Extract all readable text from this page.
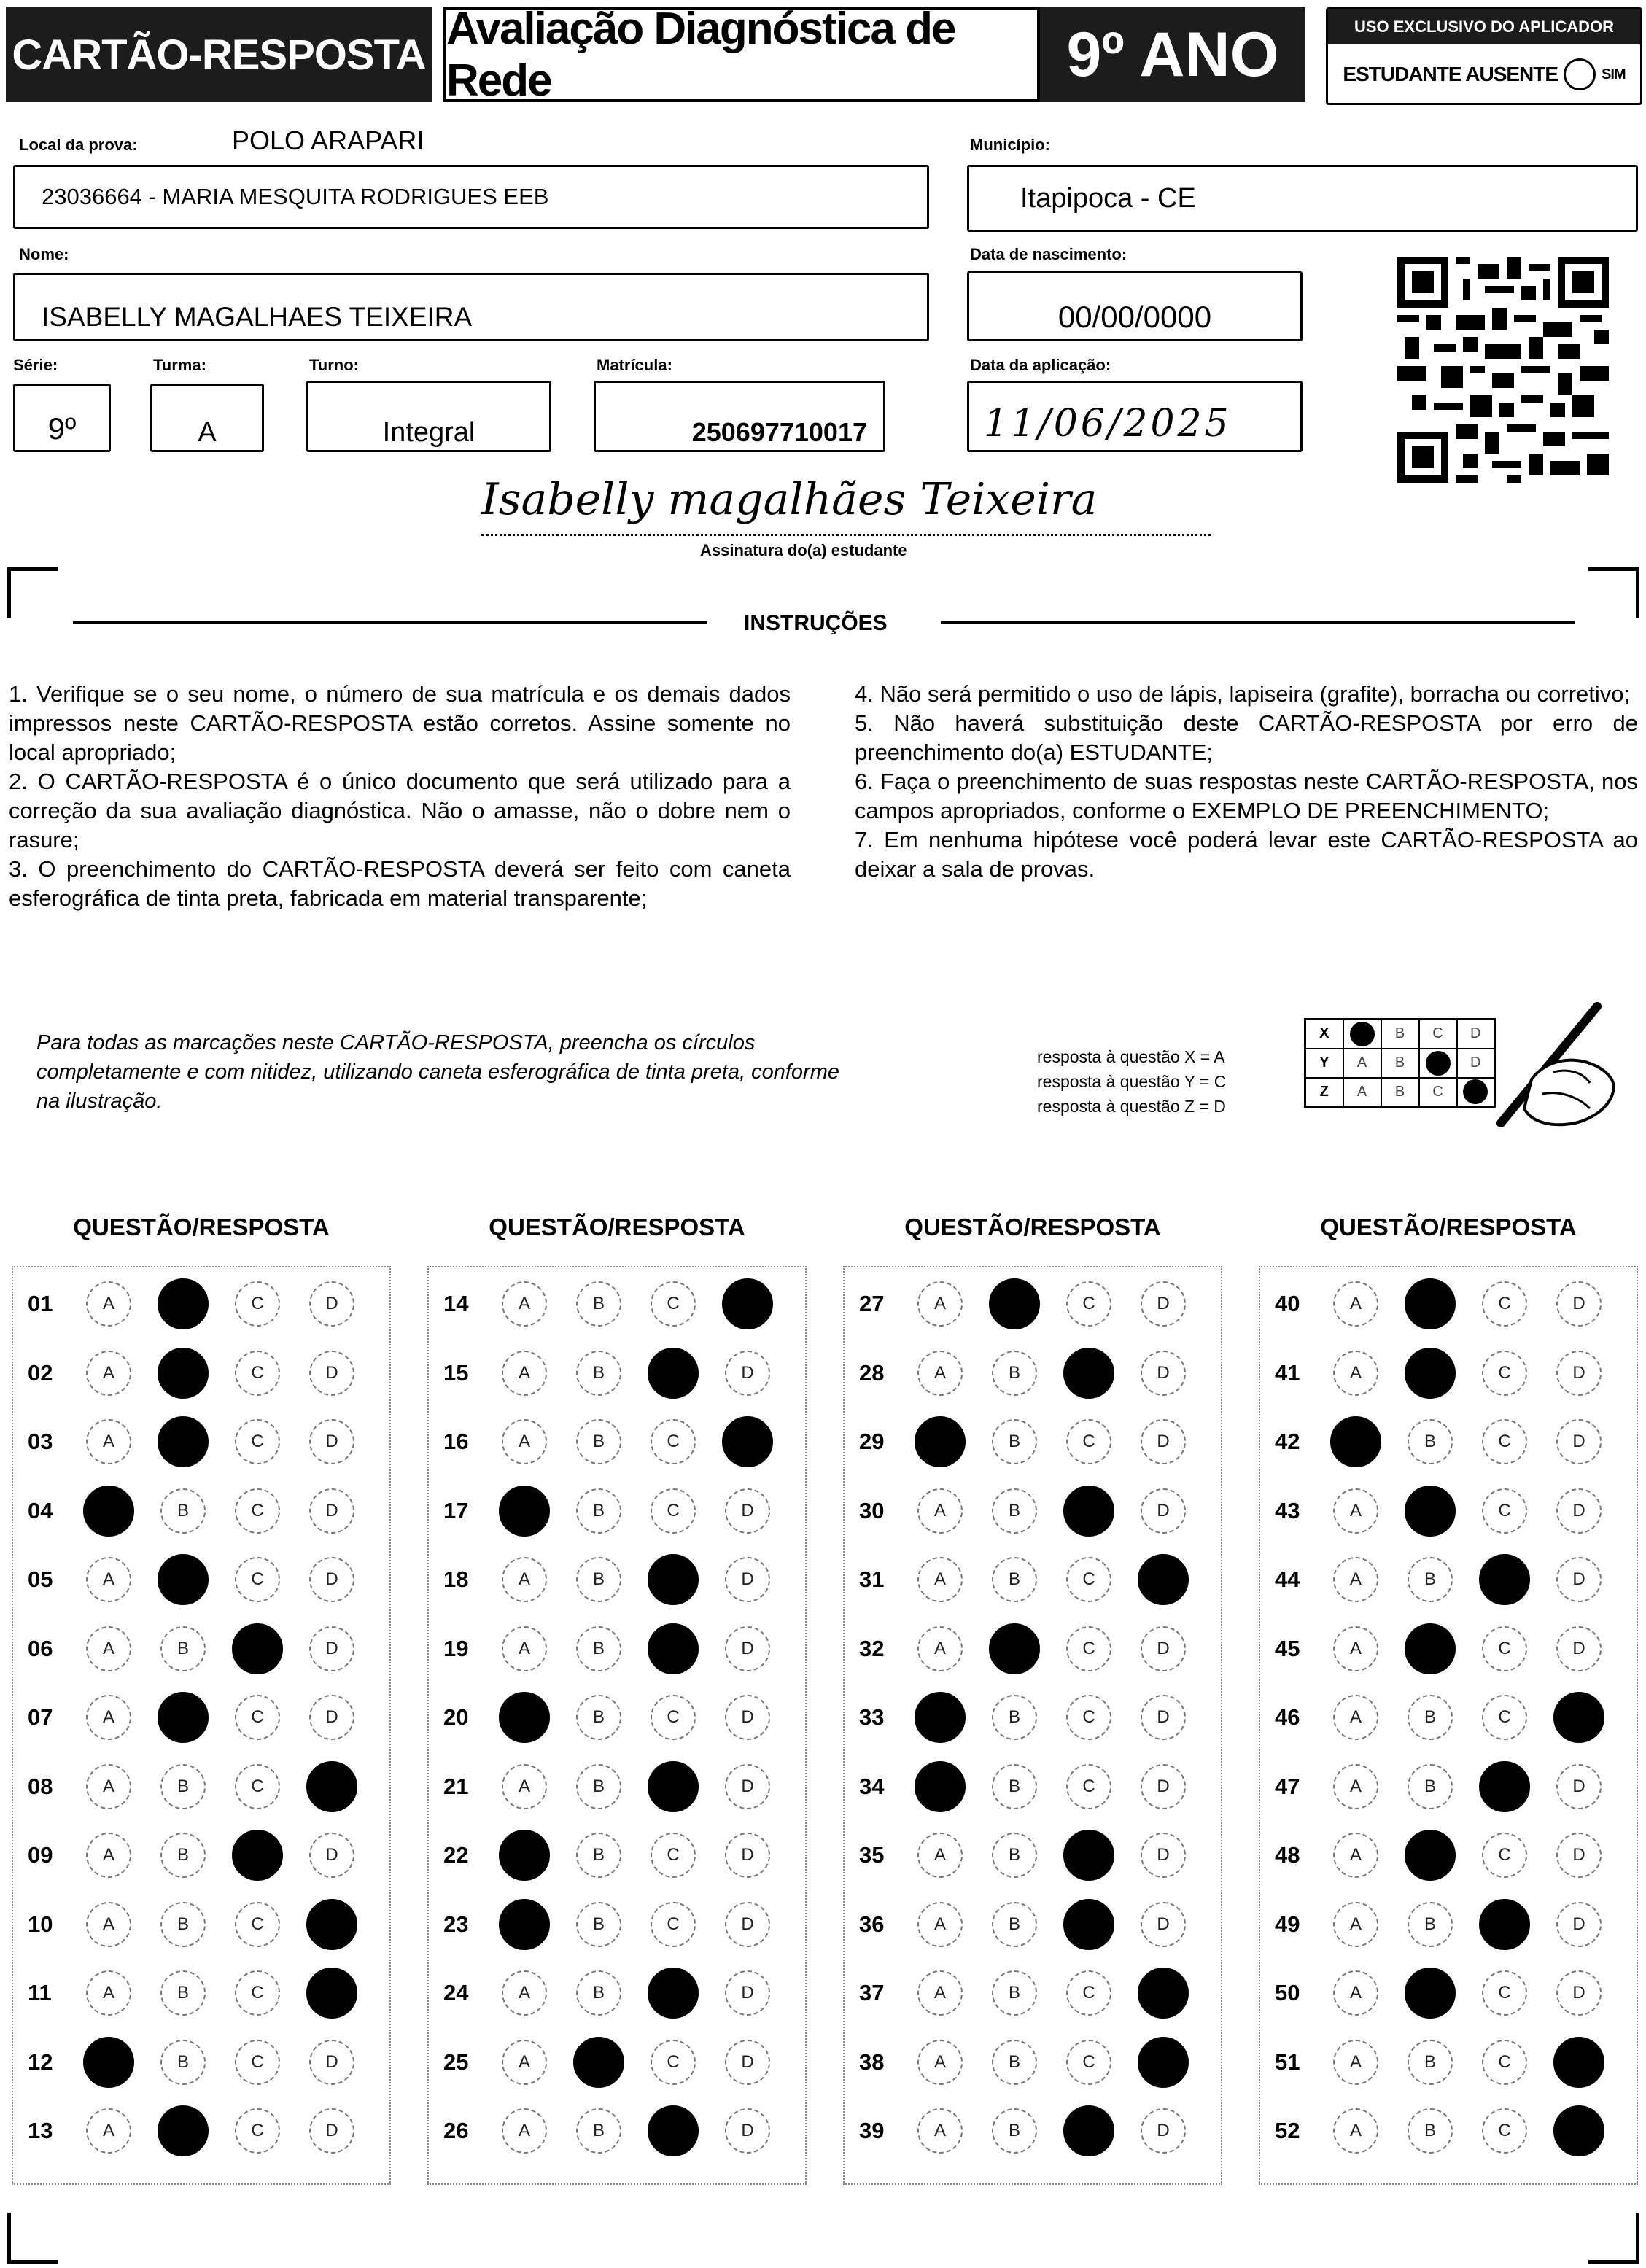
CARTÃO-RESPOSTA
Avaliação Diagnóstica de Rede	9º ANO	USO EXCLUSIVO DO APLICADOR
ESTUDANTE AUSENTE	SIM
Local da prova:	POLO ARAPARI
23036664 - MARIA MESQUITA RODRIGUES EEB
Município:
Itapipoca - CE
Nome:
ISABELLY MAGALHAES TEIXEIRA
Data de nascimento:
00/00/0000
Série:
9º
Turma:
A
Turno:
Integral
Matrícula:
250697710017
Data da aplicação:
11/06/2025
Isabelly magalhães Teixeira
Assinatura do(a) estudante
INSTRUÇÕES

1. Verifique se o seu nome, o número de sua matrícula e os demais dados impressos neste CARTÃO-RESPOSTA estão corretos. Assine somente no local apropriado;

2. O CARTÃO-RESPOSTA é o único documento que será utilizado para a correção da sua avaliação diagnóstica. Não o amasse, não o dobre nem o rasure;

3. O preenchimento do CARTÃO-RESPOSTA deverá ser feito com caneta esferográfica de tinta preta, fabricada em material transparente;

4. Não será permitido o uso de lápis, lapiseira (grafite), borracha ou corretivo;

5. Não haverá substituição deste CARTÃO-RESPOSTA por erro de preenchimento do(a) ESTUDANTE;

6. Faça o preenchimento de suas respostas neste CARTÃO-RESPOSTA, nos campos apropriados, conforme o EXEMPLO DE PREENCHIMENTO;

7. Em nenhuma hipótese você poderá levar este CARTÃO-RESPOSTA ao deixar a sala de provas.

Para todas as marcações neste CARTÃO-RESPOSTA, preencha os círculos completamente e com nitidez, utilizando caneta esferográfica de tinta preta, conforme na ilustração.
resposta à questão X = A
resposta à questão Y = C
resposta à questão Z = D
X		B	C	D
Y	A	B		D
Z	A	B	C	
QUESTÃO/RESPOSTA
01	A	C	D
02	A	C	D
03	A	C	D
04	B	C	D
05	A	C	D
06	A	B	D
07	A	C	D
08	A	B	C
09	A	B	D
10	A	B	C
11	A	B	C
12	B	C	D
13	A	C	D
QUESTÃO/RESPOSTA
14	A	B	C
15	A	B	D
16	A	B	C
17	B	C	D
18	A	B	D
19	A	B	D
20	B	C	D
21	A	B	D
22	B	C	D
23	B	C	D
24	A	B	D
25	A	C	D
26	A	B	D
QUESTÃO/RESPOSTA
27	A	C	D
28	A	B	D
29	B	C	D
30	A	B	D
31	A	B	C
32	A	C	D
33	B	C	D
34	B	C	D
35	A	B	D
36	A	B	D
37	A	B	C
38	A	B	C
39	A	B	D
QUESTÃO/RESPOSTA
40	A	C	D
41	A	C	D
42	B	C	D
43	A	C	D
44	A	B	D
45	A	C	D
46	A	B	C
47	A	B	D
48	A	C	D
49	A	B	D
50	A	C	D
51	A	B	C
52	A	B	C
